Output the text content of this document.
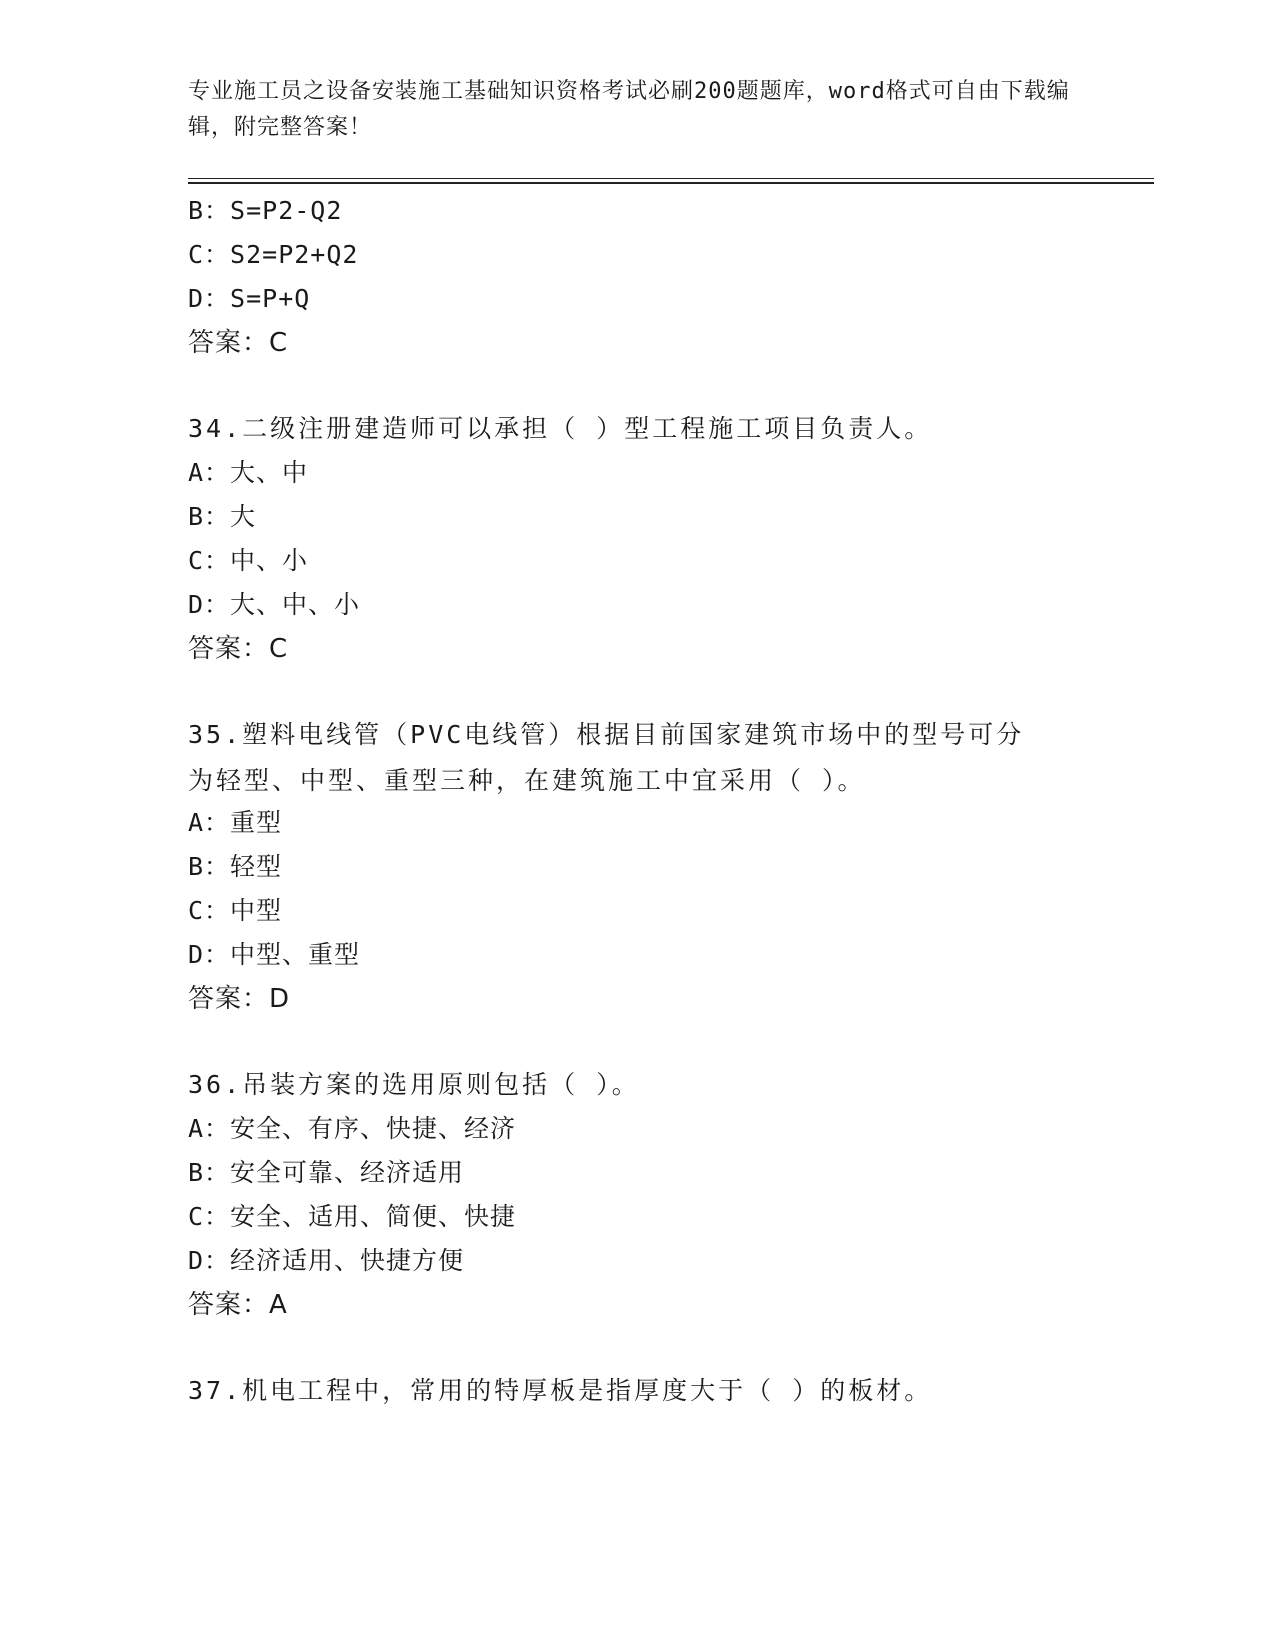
专业施工员之设备安装施工基础知识资格考试必刷200题题库，word格式可自由下载编辑，附完整答案！
B：S=P2-Q2
C：S2=P2+Q2
D：S=P+Q
答案：C
34.二级注册建造师可以承担（ ）型工程施工项目负责人。
A：大、中
B：大
C：中、小
D：大、中、小
答案：C
35.塑料电线管（PVC电线管）根据目前国家建筑市场中的型号可分为轻型、中型、重型三种，在建筑施工中宜采用（ ）。
A：重型
B：轻型
C：中型
D：中型、重型
答案：D
36.吊装方案的选用原则包括（ ）。
A：安全、有序、快捷、经济
B：安全可靠、经济适用
C：安全、适用、简便、快捷
D：经济适用、快捷方便
答案：A
37.机电工程中，常用的特厚板是指厚度大于（ ）的板材。
